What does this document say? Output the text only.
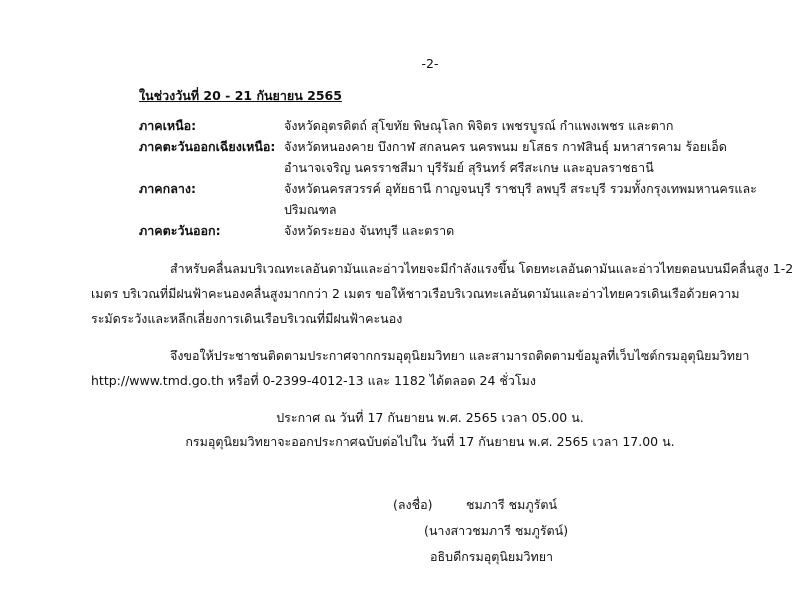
-2-
ในช่วงวันที่ 20 - 21 กันยายน 2565
ภาคเหนือ:	จังหวัดอุตรดิตถ์ สุโขทัย พิษณุโลก พิจิตร เพชรบูรณ์ กำแพงเพชร และตาก
ภาคตะวันออกเฉียงเหนือ: จังหวัดหนองคาย บึงกาฬ สกลนคร นครพนม ยโสธร กาฬสินธุ์ มหาสารคาม ร้อยเอ็ด
อำนาจเจริญ นครราชสีมา บุรีรัมย์ สุรินทร์ ศรีสะเกษ และอุบลราชธานี
ภาคกลาง:	จังหวัดนครสวรรค์ อุทัยธานี กาญจนบุรี ราชบุรี ลพบุรี สระบุรี รวมทั้งกรุงเทพมหานครและ
ปริมณฑล
ภาคตะวันออก:	จังหวัดระยอง จันทบุรี และตราด
สำหรับคลื่นลมบริเวณทะเลอันดามันและอ่าวไทยจะมีกำลังแรงขึ้น โดยทะเลอันดามันและอ่าวไทยตอนบนมีคลื่นสูง 1-2
เมตร บริเวณที่มีฝนฟ้าคะนองคลื่นสูงมากกว่า 2 เมตร ขอให้ชาวเรือบริเวณทะเลอันดามันและอ่าวไทยควรเดินเรือด้วยความ
ระมัดระวังและหลีกเลี่ยงการเดินเรือบริเวณที่มีฝนฟ้าคะนอง
จึงขอให้ประชาชนติดตามประกาศจากกรมอุตุนิยมวิทยา และสามารถติดตามข้อมูลที่เว็บไซต์กรมอุตุนิยมวิทยา
http://www.tmd.go.th หรือที่ 0-2399-4012-13 และ 1182 ได้ตลอด 24 ชั่วโมง
ประกาศ ณ วันที่ 17 กันยายน พ.ศ. 2565 เวลา 05.00 น.
กรมอุตุนิยมวิทยาจะออกประกาศฉบับต่อไปใน วันที่ 17 กันยายน พ.ศ. 2565 เวลา 17.00 น.
(ลงชื่อ)	ชมภารี ชมภูรัตน์
(นางสาวชมภารี ชมภูรัตน์)
อธิบดีกรมอุตุนิยมวิทยา
